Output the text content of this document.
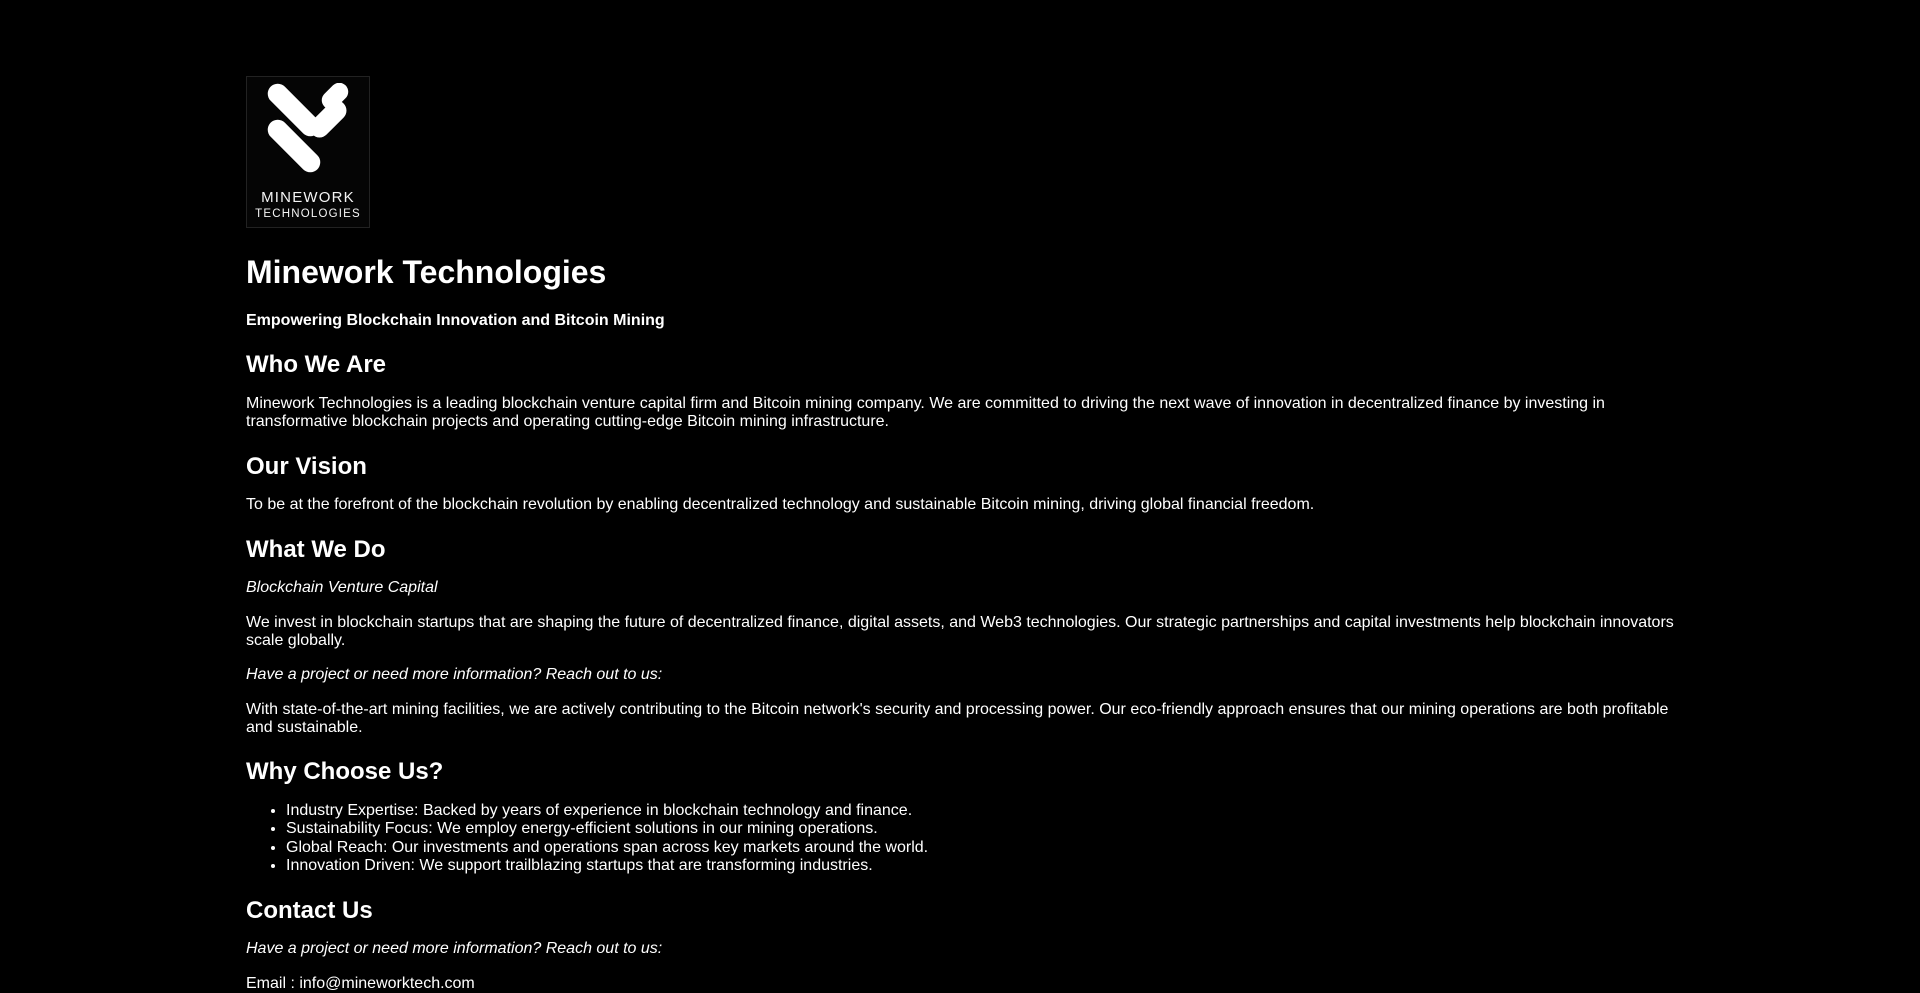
MINEWORK
TECHNOLOGIES
Minework Technologies

Empowering Blockchain Innovation and Bitcoin Mining

Who We Are

Minework Technologies is a leading blockchain venture capital firm and Bitcoin mining company. We are committed to driving the next wave of innovation in decentralized finance by investing in transformative blockchain projects and operating cutting-edge Bitcoin mining infrastructure.

Our Vision

To be at the forefront of the blockchain revolution by enabling decentralized technology and sustainable Bitcoin mining, driving global financial freedom.

What We Do

Blockchain Venture Capital

We invest in blockchain startups that are shaping the future of decentralized finance, digital assets, and Web3 technologies. Our strategic partnerships and capital investments help blockchain innovators scale globally.

Have a project or need more information? Reach out to us:

With state-of-the-art mining facilities, we are actively contributing to the Bitcoin network's security and processing power. Our eco-friendly approach ensures that our mining operations are both profitable and sustainable.

Why Choose Us?
• Industry Expertise: Backed by years of experience in blockchain technology and finance.
• Sustainability Focus: We employ energy-efficient solutions in our mining operations.
• Global Reach: Our investments and operations span across key markets around the world.
• Innovation Driven: We support trailblazing startups that are transforming industries.
Contact Us

Have a project or need more information? Reach out to us:

Email : info@mineworktech.com
